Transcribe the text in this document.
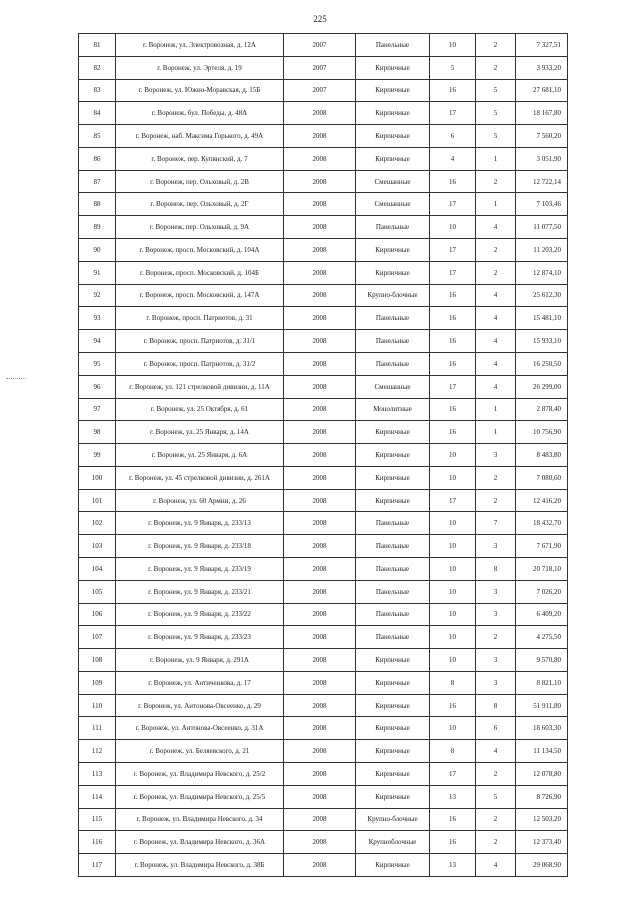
225
81	г. Воронеж, ул. Электровозная, д. 12А	2007	Панельные	10	2	7 327,51
82	г. Воронеж, ул. Эртеля, д. 19	2007	Кирпичные	5	2	3 933,20
83	г. Воронеж, ул. Южно-Моравская, д. 15Б	2007	Кирпичные	16	5	27 681,10
84	г. Воронеж, бул. Победы, д. 48А	2008	Кирпичные	17	5	18 167,80
85	г. Воронеж, наб. Максима Горького, д. 49А	2008	Кирпичные	6	5	7 560,20
86	г. Воронеж, пер. Купянский, д. 7	2008	Кирпичные	4	1	3 051,90
87	г. Воронеж, пер. Ольховый, д. 2В	2008	Смешанные	16	2	12 722,14
88	г. Воронеж, пер. Ольховый, д. 2Г	2008	Смешанные	17	1	7 103,46
89	г. Воронеж, пер. Ольховый, д. 9А	2008	Панельные	10	4	11 077,50
90	г. Воронеж, просп. Московский, д. 104А	2008	Кирпичные	17	2	11 203,20
91	г. Воронеж, просп. Московский, д. 104Б	2008	Кирпичные	17	2	12 874,10
92	г. Воронеж, просп. Московский, д. 147А	2008	Крупно-блочные	16	4	25 612,30
93	г. Воронеж, просп. Патриотов, д. 31	2008	Панельные	16	4	15 481,10
94	г. Воронеж, просп. Патриотов, д. 31/1	2008	Панельные	16	4	15 933,10
95	г. Воронеж, просп. Патриотов, д. 31/2	2008	Панельные	16	4	16 250,50
96	г. Воронеж, ул. 121 стрелковой дивизии, д. 11А	2008	Смешанные	17	4	26 299,00
97	г. Воронеж, ул. 25 Октября, д. 61	2008	Монолитные	16	1	2 878,40
98	г. Воронеж, ул. 25 Января, д. 14А	2008	Кирпичные	16	1	10 756,90
99	г. Воронеж, ул. 25 Января, д. 6А	2008	Кирпичные	10	3	8 483,80
100	г. Воронеж, ул. 45 стрелковой дивизии, д. 261А	2008	Кирпичные	10	2	7 080,60
101	г. Воронеж, ул. 60 Армии, д. 26	2008	Кирпичные	17	2	12 416,20
102	г. Воронеж, ул. 9 Января, д. 233/13	2008	Панельные	10	7	18 432,70
103	г. Воронеж, ул. 9 Января, д. 233/18	2008	Панельные	10	3	7 671,90
104	г. Воронеж, ул. 9 Января, д. 233/19	2008	Панельные	10	8	20 718,10
105	г. Воронеж, ул. 9 Января, д. 233/21	2008	Панельные	10	3	7 026,20
106	г. Воронеж, ул. 9 Января, д. 233/22	2008	Панельные	10	3	6 409,20
107	г. Воронеж, ул. 9 Января, д. 233/23	2008	Панельные	10	2	4 275,50
108	г. Воронеж, ул. 9 Января, д. 291А	2008	Кирпичные	10	3	9 570,80
109	г. Воронеж, ул. Античенкова, д. 17	2008	Кирпичные	8	3	8 821,10
110	г. Воронеж, ул. Антонова-Овсеенко, д. 29	2008	Кирпичные	16	8	51 911,80
111	г. Воронеж, ул. Антонова-Овсеенко, д. 31А	2008	Кирпичные	10	6	18 603,30
112	г. Воронеж, ул. Беляевского, д. 21	2008	Кирпичные	8	4	11 134,50
113	г. Воронеж, ул. Владимира Невского, д. 25/2	2008	Кирпичные	17	2	12 078,80
114	г. Воронеж, ул. Владимира Невского, д. 25/5	2008	Кирпичные	13	5	8 726,90
115	г. Воронеж, ул. Владимира Невского, д. 34	2008	Крупно-блочные	16	2	12 503,20
116	г. Воронеж, ул. Владимира Невского, д. 36А	2008	Крупноблочные	16	2	12 373,40
117	г. Воронеж, ул. Владимира Невского, д. 38Б	2008	Кирпичные	13	4	29 068,90
